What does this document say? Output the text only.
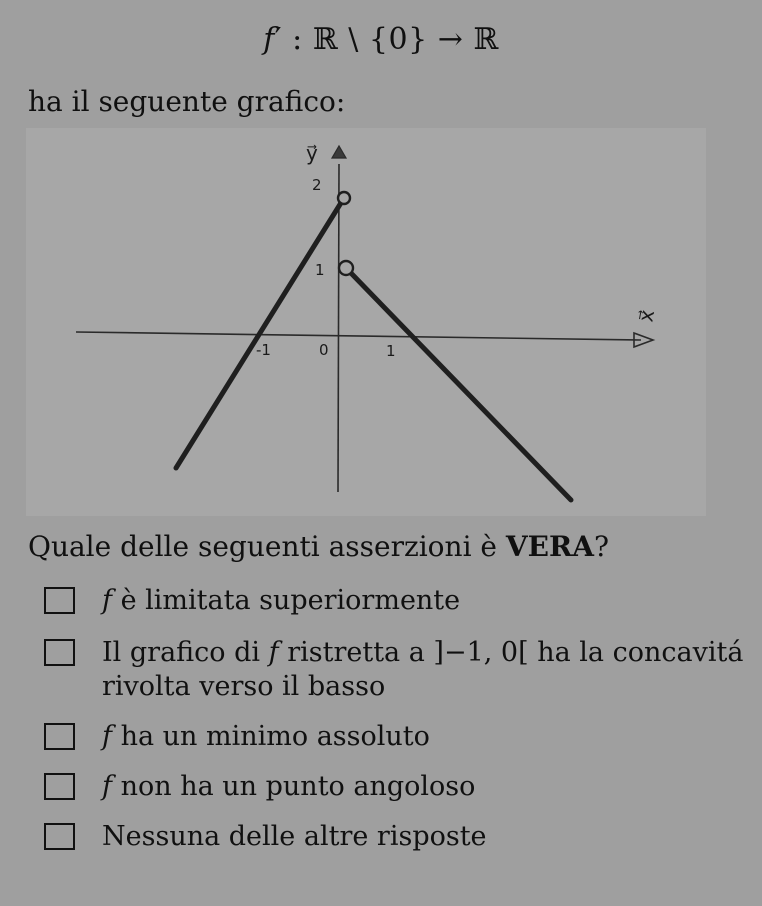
f′ : ℝ \ {0} → ℝ
ha il seguente grafico:
2
1
-1	0	1
y⃗
x⃗
Quale delle seguenti asserzioni è VERA?
f è limitata superiormente
Il grafico di f ristretta a ]−1, 0[ ha la concavitá
rivolta verso il basso
f ha un minimo assoluto
f non ha un punto angoloso
Nessuna delle altre risposte
